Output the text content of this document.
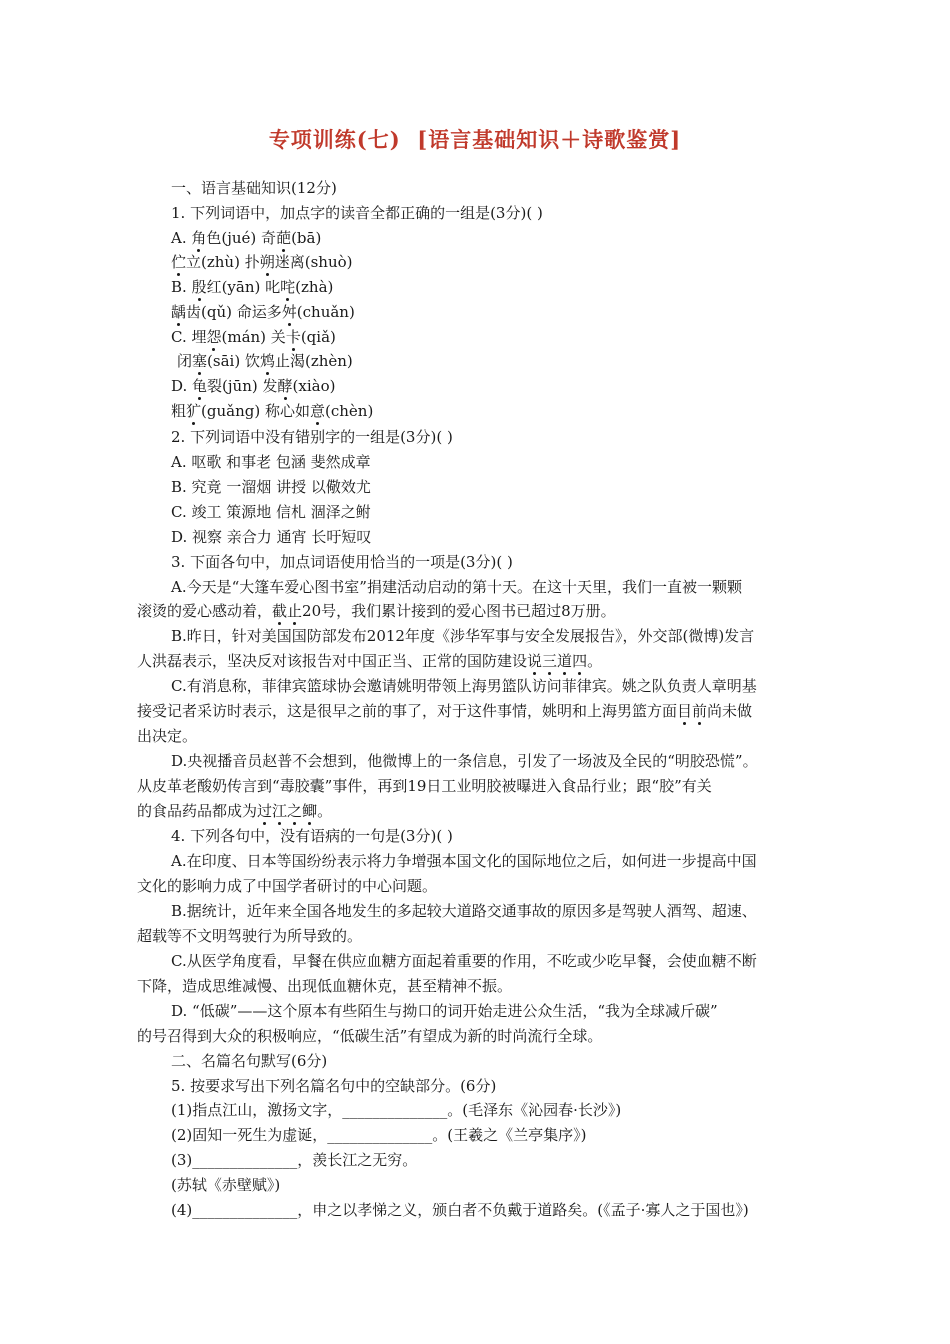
专项训练(七)  [语言基础知识＋诗歌鉴赏]
一、语言基础知识(12分)
1. 下列词语中，加点字的读音全都正确的一组是(3分)( )
A. 角色(jué) 奇葩(bā)
伫立(zhù) 扑朔迷离(shuò)
B. 殷红(yān) 叱咤(zhà)
龋齿(qǔ) 命运多舛(chuǎn)
C. 埋怨(mán) 关卡(qiǎ)
闭塞(sāi) 饮鸩止渴(zhèn)
D. 龟裂(jūn) 发酵(xiào)
粗犷(guǎng) 称心如意(chèn)
2. 下列词语中没有错别字的一组是(3分)( )
A. 呕歌 和事老 包涵 斐然成章
B. 究竟 一溜烟 讲授 以儆效尤
C. 竣工 策源地 信札 涸泽之鲋
D. 视察 亲合力 通宵 长吁短叹
3. 下面各句中，加点词语使用恰当的一项是(3分)( )
A.今天是“大篷车爱心图书室”捐建活动启动的第十天。在这十天里，我们一直被一颗颗
滚烫的爱心感动着，截止20号，我们累计接到的爱心图书已超过8万册。
B.昨日，针对美国国防部发布2012年度《涉华军事与安全发展报告》，外交部(微博)发言
人洪磊表示，坚决反对该报告对中国正当、正常的国防建设说三道四。
C.有消息称，菲律宾篮球协会邀请姚明带领上海男篮队访问菲律宾。姚之队负责人章明基
接受记者采访时表示，这是很早之前的事了，对于这件事情，姚明和上海男篮方面目前尚未做
出决定。
D.央视播音员赵普不会想到，他微博上的一条信息，引发了一场波及全民的“明胶恐慌”。
从皮革老酸奶传言到“毒胶囊”事件，再到19日工业明胶被曝进入食品行业；跟“胶”有关
的食品药品都成为过江之鲫。
4. 下列各句中，没有语病的一句是(3分)( )
A.在印度、日本等国纷纷表示将力争增强本国文化的国际地位之后，如何进一步提高中国
文化的影响力成了中国学者研讨的中心问题。
B.据统计，近年来全国各地发生的多起较大道路交通事故的原因多是驾驶人酒驾、超速、
超载等不文明驾驶行为所导致的。
C.从医学角度看，早餐在供应血糖方面起着重要的作用，不吃或少吃早餐，会使血糖不断
下降，造成思维减慢、出现低血糖休克，甚至精神不振。
D. “低碳”——这个原本有些陌生与拗口的词开始走进公众生活，“我为全球减斤碳”
的号召得到大众的积极响应，“低碳生活”有望成为新的时尚流行全球。
二、名篇名句默写(6分)
5. 按要求写出下列名篇名句中的空缺部分。(6分)
(1)指点江山，激扬文字，______________。(毛泽东《沁园春·长沙》)
(2)固知一死生为虚诞，______________。(王羲之《兰亭集序》)
(3)______________，羡长江之无穷。
(苏轼《赤壁赋》)
(4)______________，申之以孝悌之义，颁白者不负戴于道路矣。(《孟子·寡人之于国也》)
